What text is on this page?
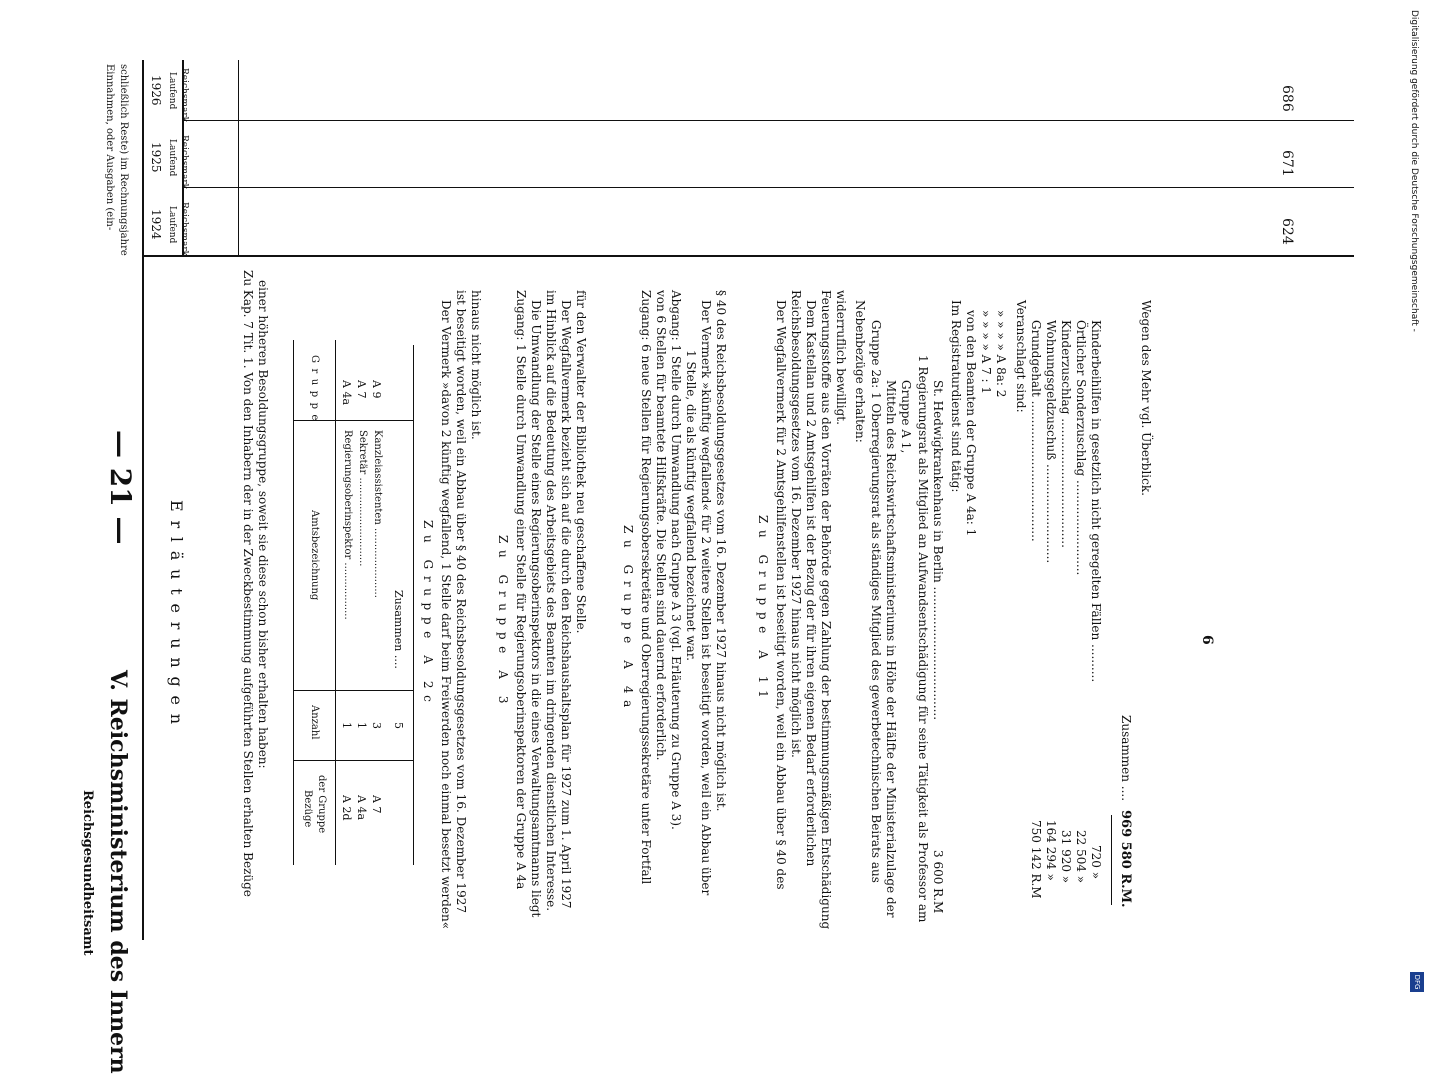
— 21 —
V. Reichsministerium des Innern
Reichsgesundheitsamt
Erläuterungen
Einnahmen, oder Ausgaben (ein- schließlich Reste) im Rechnungsjahre 1926
1925
1924
Laufend Reichsmark
Laufend Reichsmark
Laufend Reichsmark
686
671
624
Zu Kap. 7 Tit. 1. Von den Inhabern der in der Zweckbestimmung aufgeführten Stellen erhalten Bezüge einer höheren Besoldungsgruppe, soweit sie diese schon bisher erhalten haben:	Gruppe
Amtsbezeichnung
Anzahl
Bezüge der Gruppe
A 4a
Regierungsoberinspektor ..................
1
A 2d
A 7
Sekretär ............................
1
A 4a
A 9
Kanzleiassistenten ......................
3
A 7
Zusammen ....
5
Zu Gruppe A 2c Der Vermerk »davon 2 künftig wegfallend, 1 Stelle darf beim Freiwerden noch einmal besetzt werden« ist beseitigt worden, weil ein Abbau über § 40 des Reichsbesoldungsgesetzes vom 16. Dezember 1927 hinaus nicht möglich ist.
Zu Gruppe A 3 Zugang: 1 Stelle durch Umwandlung einer Stelle für Regierungsoberinspektoren der Gruppe A 4a Die Umwandlung der Stelle eines Regierungsoberinspektors in die eines Verwaltungsamtmanns liegt im Hinblick auf die Bedeutung des Arbeitsgebiets des Beamten im dringenden dienstlichen Interesse. Der Wegfallvermerk bezieht sich auf die durch den Reichshaushaltsplan für 1927 zum 1. April 1927 für den Verwalter der Bibliothek neu geschaffene Stelle.	Zu Gruppe A 4a Zugang: 6 neue Stellen für Regierungsobersekretäre und Oberregierungssekretäre unter Fortfall von 6 Stellen für beamtete Hilfskräfte. Die Stellen sind dauernd erforderlich. Abgang: 1 Stelle durch Umwandlung nach Gruppe A 3 (vgl. Erläuterung zu Gruppe A 3). 1 Stelle, die als künftig wegfallend bezeichnet war. Der Vermerk »künftig wegfallend« für 2 weitere Stellen ist beseitigt worden, weil ein Abbau über § 40 des Reichsbesoldungsgesetzes vom 16. Dezember 1927 hinaus nicht möglich ist. Zu Gruppe A 11 Der Wegfallvermerk für 2 Amtsgehilfenstellen ist beseitigt worden, weil ein Abbau über § 40 des Reichsbesoldungsgesetzes vom 16. Dezember 1927 hinaus nicht möglich ist. Dem Kastellan und 2 Amtsgehilfen ist der Bezug der für ihren eigenen Bedarf erforderlichen Feuerungsstoffe aus den Vorräten der Behörde gegen Zahlung der bestimmungsmäßigen Entschädigung widerruflich bewilligt. Nebenbezüge erhalten: Gruppe 2a: 1 Oberregierungsrat als ständiges Mitglied des gewerbetechnischen Beirats aus Mitteln des Reichswirtschaftsministeriums in Höhe der Hälfte der Ministerialzulage der Gruppe A 1, 1 Regierungsrat als Mitglied an Aufwandsentschädigung für seine Tätigkeit als Professor am St. Hedwigkrankenhaus in Berlin ...................................
3 600 R.M
Im Registraturdienst sind tätig: von den Beamten der Gruppe A 4a: 1 » » » » A 7 : 1 » » » » A 8a: 2 Veranschlagt sind: Grundgehalt .....................................
750 142 R.M
Wohnungsgeldzuschuß ..........................
164 294 »
Kinderzuschlag ..................................
31 920 »
Örtlicher Sonderzuschlag .........................
22 504 »
Kinderbeihilfen in gesetzlich nicht geregelten Fällen ..........
720 »
Zusammen ....
969 580 R.M.
Wegen des Mehr vgl. Überblick.
6
Digitalisierung gefördert durch die Deutsche Forschungsgemeinschaft -
DFG
